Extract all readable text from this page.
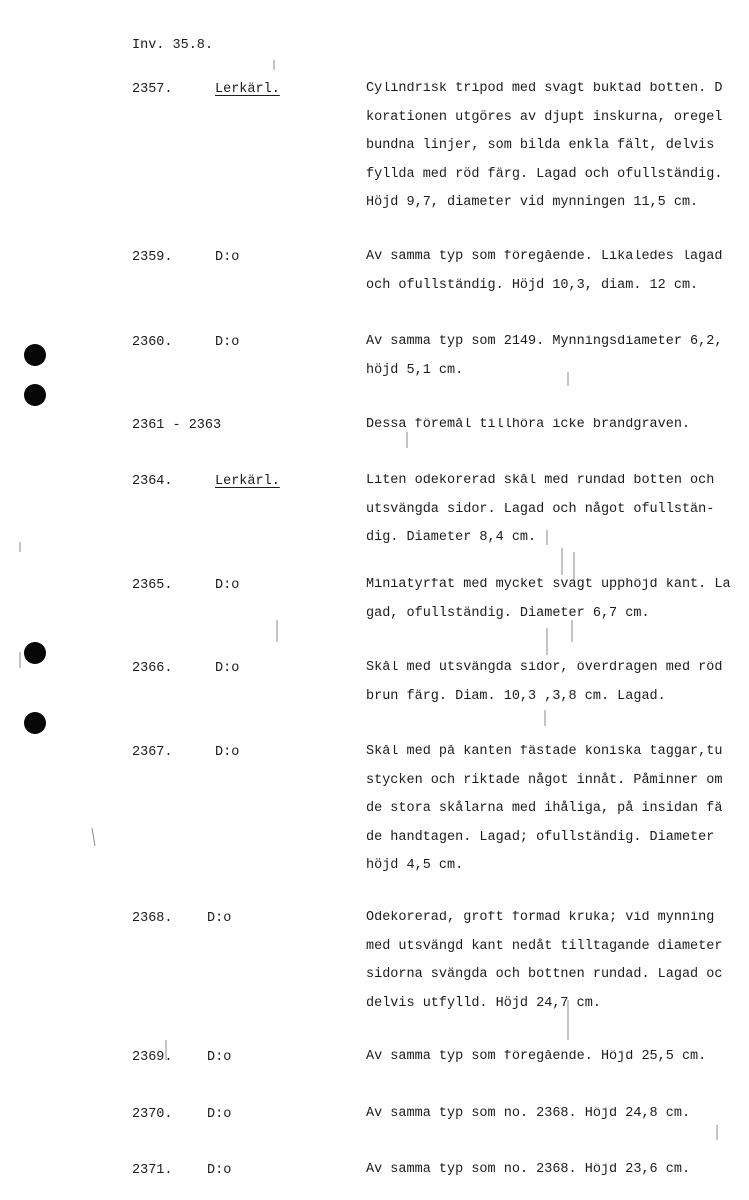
Inv. 35.8.
2357.	Lerkärl.	Cylindrisk tripod med svagt buktad botten. D
korationen utgöres av djupt inskurna, oregel
bundna linjer, som bilda enkla fält, delvis
fyllda med röd färg. Lagad och ofullständig.
Höjd 9,7, diameter vid mynningen 11,5 cm.
2359.	D:o	Av samma typ som föregående. Likaledes lagad
och ofullständig. Höjd 10,3, diam. 12 cm.
2360.	D:o	Av samma typ som 2149. Mynningsdiameter 6,2,
höjd 5,1 cm.
2361 - 2363	Dessa föremål tillhöra icke brandgraven.
2364.	Lerkärl.	Liten odekorerad skål med rundad botten och
utsvängda sidor. Lagad och något ofullstän-
dig. Diameter 8,4 cm.
2365.	D:o	Miniatyrfat med mycket svagt upphöjd kant. La
gad, ofullständig. Diameter 6,7 cm.
2366.	D:o	Skål med utsvängda sidor, överdragen med röd
brun färg. Diam. 10,3 ,3,8 cm. Lagad.
2367.	D:o	Skål med på kanten fästade koniska taggar,tu
stycken och riktade något innåt. Påminner om
de stora skålarna med ihåliga, på insidan fä
de handtagen. Lagad; ofullständig. Diameter
höjd 4,5 cm.
2368.	D:o	Odekorerad, groft formad kruka; vid mynning
med utsvängd kant nedåt tilltagande diameter
sidorna svängda och bottnen rundad. Lagad oc
delvis utfylld. Höjd 24,7 cm.
2369.	D:o	Av samma typ som föregående. Höjd 25,5 cm.
2370.	D:o	Av samma typ som no. 2368. Höjd 24,8 cm.
2371.	D:o	Av samma typ som no. 2368. Höjd 23,6 cm.
